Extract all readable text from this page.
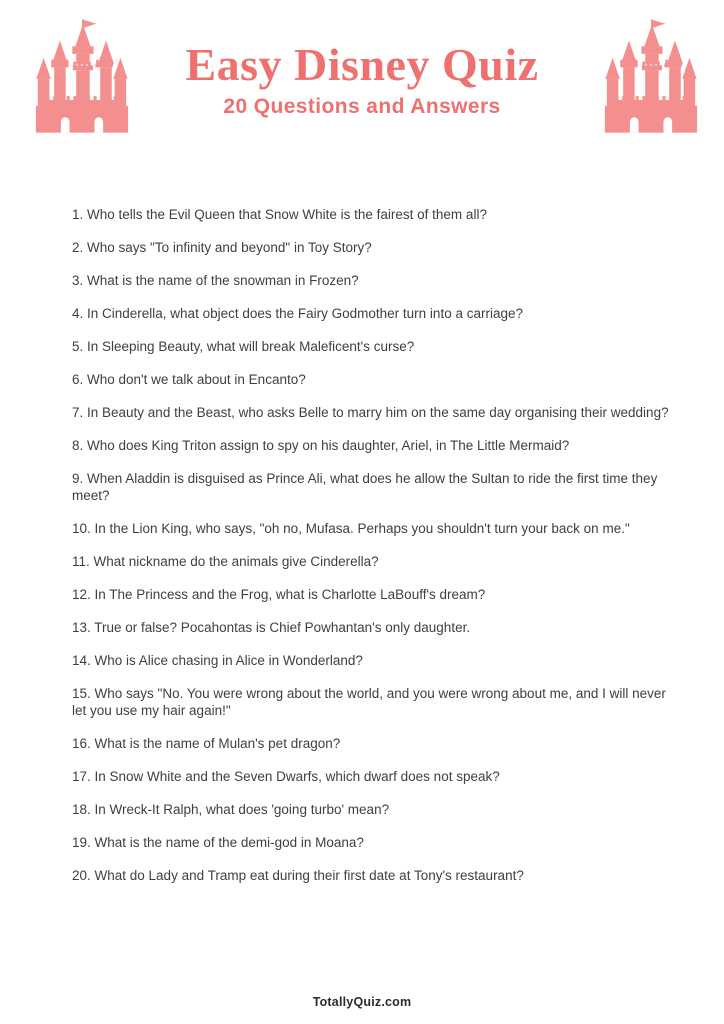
Easy Disney Quiz
20 Questions and Answers

1. Who tells the Evil Queen that Snow White is the fairest of them all?

2. Who says "To infinity and beyond" in Toy Story?

3. What is the name of the snowman in Frozen?

4. In Cinderella, what object does the Fairy Godmother turn into a carriage?

5. In Sleeping Beauty, what will break Maleficent's curse?

6. Who don't we talk about in Encanto?

7. In Beauty and the Beast, who asks Belle to marry him on the same day organising their wedding?

8. Who does King Triton assign to spy on his daughter, Ariel, in The Little Mermaid?

9. When Aladdin is disguised as Prince Ali, what does he allow the Sultan to ride the first time they meet?

10. In the Lion King, who says, "oh no, Mufasa. Perhaps you shouldn't turn your back on me."

11. What nickname do the animals give Cinderella?

12. In The Princess and the Frog, what is Charlotte LaBouff's dream?

13. True or false? Pocahontas is Chief Powhantan's only daughter.

14. Who is Alice chasing in Alice in Wonderland?

15. Who says "No. You were wrong about the world, and you were wrong about me, and I will never let you use my hair again!"

16. What is the name of Mulan's pet dragon?

17. In Snow White and the Seven Dwarfs, which dwarf does not speak?

18. In Wreck-It Ralph, what does 'going turbo' mean?

19. What is the name of the demi-god in Moana?

20. What do Lady and Tramp eat during their first date at Tony's restaurant?

TotallyQuiz.com
